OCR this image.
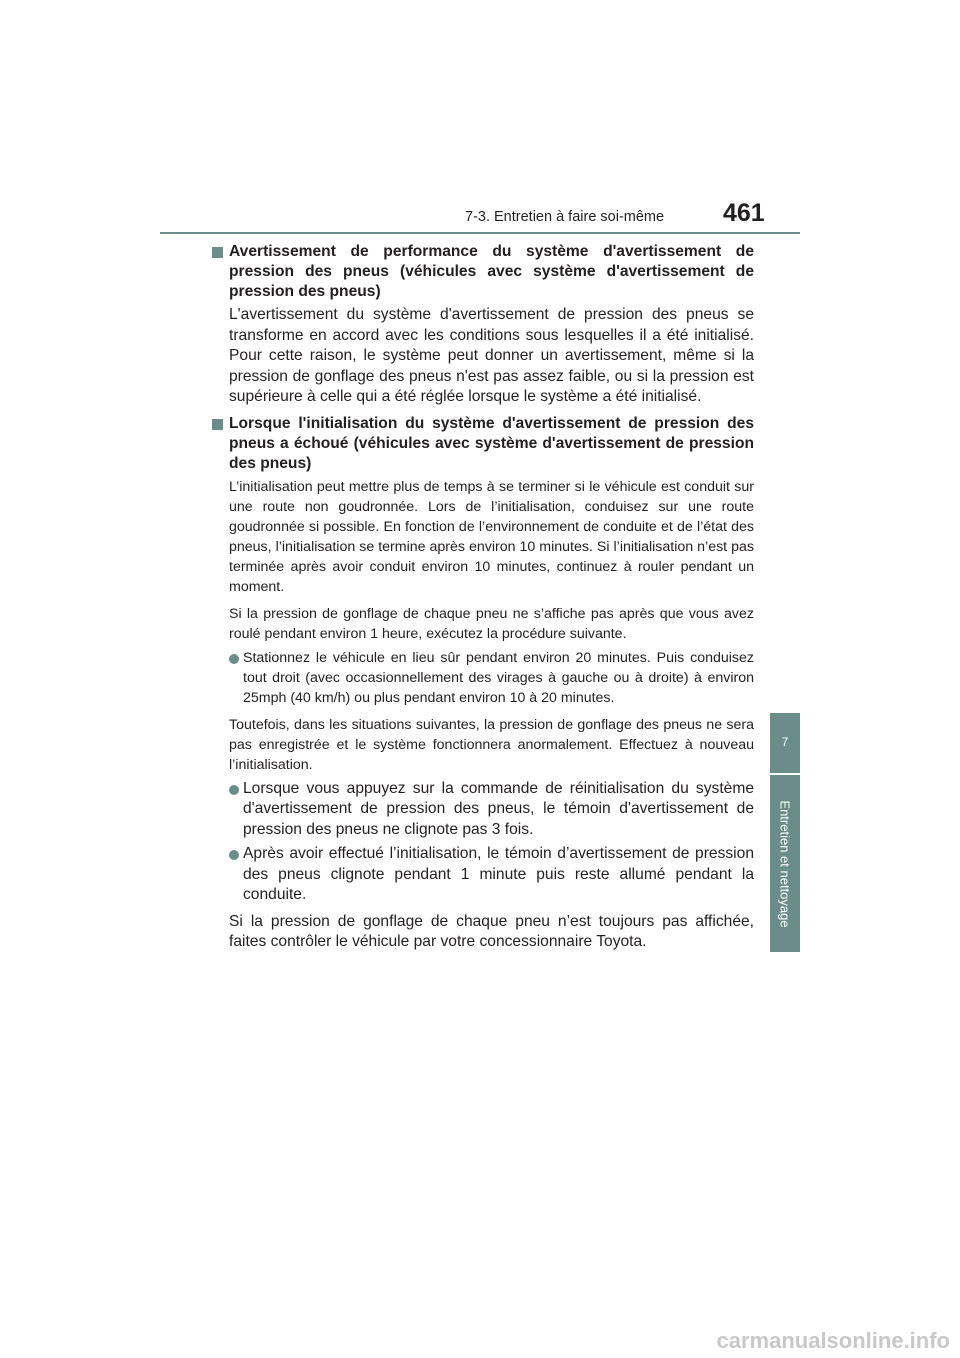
7-3. Entretien à faire soi-même 461
7
Entretien et nettoyage
Avertissement de performance du système d'avertissement de pression des pneus (véhicules avec système d'avertissement de pression des pneus)

L'avertissement du système d'avertissement de pression des pneus se transforme en accord avec les conditions sous lesquelles il a été initialisé. Pour cette raison, le système peut donner un avertissement, même si la pression de gonflage des pneus n'est pas assez faible, ou si la pression est supérieure à celle qui a été réglée lorsque le système a été initialisé.

Lorsque l'initialisation du système d'avertissement de pression des pneus a échoué (véhicules avec système d'avertissement de pression des pneus)

L’initialisation peut mettre plus de temps à se terminer si le véhicule est conduit sur une route non goudronnée. Lors de l’initialisation, conduisez sur une route goudronnée si possible. En fonction de l’environnement de conduite et de l’état des pneus, l’initialisation se termine après environ 10 minutes. Si l’initialisation n’est pas terminée après avoir conduit environ 10 minutes, continuez à rouler pendant un moment.

Si la pression de gonflage de chaque pneu ne s’affiche pas après que vous avez roulé pendant environ 1 heure, exécutez la procédure suivante.

Stationnez le véhicule en lieu sûr pendant environ 20 minutes. Puis conduisez tout droit (avec occasionnellement des virages à gauche ou à droite) à environ 25mph (40 km/h) ou plus pendant environ 10 à 20 minutes.

Toutefois, dans les situations suivantes, la pression de gonflage des pneus ne sera pas enregistrée et le système fonctionnera anormalement. Effectuez à nouveau l’initialisation.

Lorsque vous appuyez sur la commande de réinitialisation du système d'avertissement de pression des pneus, le témoin d'avertissement de pression des pneus ne clignote pas 3 fois.
Après avoir effectué l’initialisation, le témoin d’avertissement de pression des pneus clignote pendant 1 minute puis reste allumé pendant la conduite.

Si la pression de gonflage de chaque pneu n’est toujours pas affichée, faites contrôler le véhicule par votre concessionnaire Toyota.

carmanualsonline.info
